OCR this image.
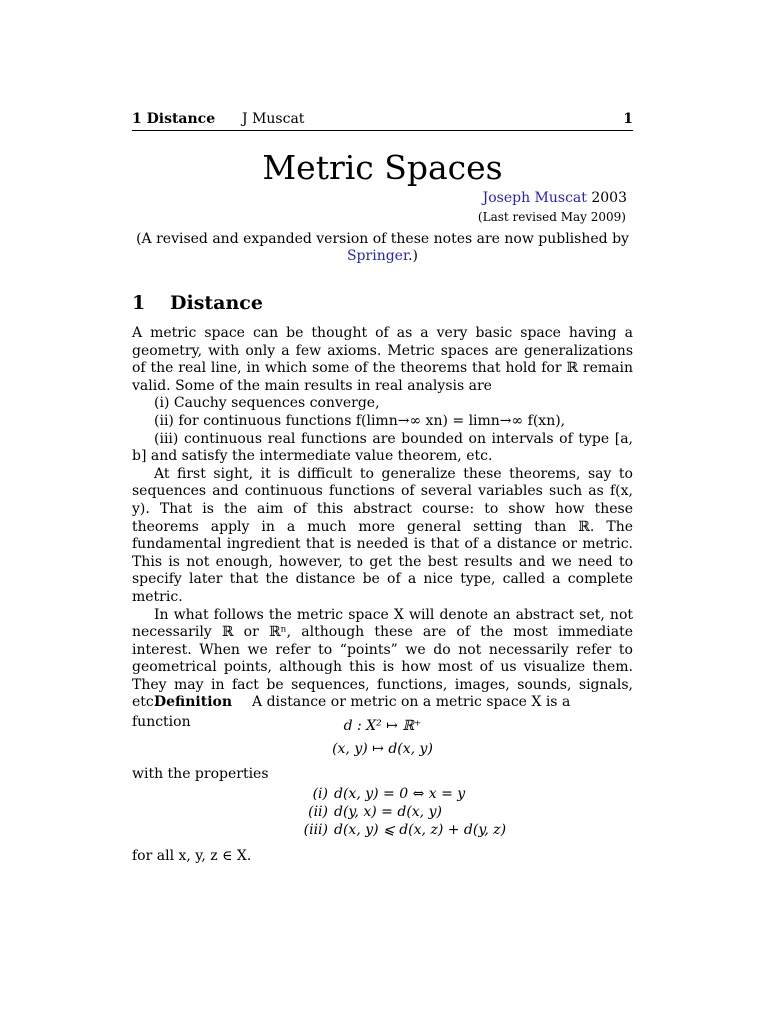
1 Distance J Muscat	1
Metric Spaces
Joseph Muscat 2003
(Last revised May 2009)
(A revised and expanded version of these notes are now published by
Springer.)
1 Distance

A metric space can be thought of as a very basic space having a geometry, with only a few axioms. Metric spaces are generalizations of the real line, in which some of the theorems that hold for ℝ remain valid. Some of the main results in real analysis are

(i) Cauchy sequences converge,

(ii) for continuous functions f(limn→∞ xn) = limn→∞ f(xn),

(iii) continuous real functions are bounded on intervals of type [a, b] and satisfy the intermediate value theorem, etc.

At first sight, it is difficult to generalize these theorems, say to sequences and continuous functions of several variables such as f(x, y). That is the aim of this abstract course: to show how these theorems apply in a much more general setting than ℝ. The fundamental ingredient that is needed is that of a distance or metric. This is not enough, however, to get the best results and we need to specify later that the distance be of a nice type, called a complete metric.

In what follows the metric space X will denote an abstract set, not necessarily ℝ or ℝⁿ, although these are of the most immediate interest. When we refer to “points” we do not necessarily refer to geometrical points, although this is how most of us visualize them. They may in fact be sequences, functions, images, sounds, signals, etc.

Definition A distance or metric on a metric space X is a function	d : X² ↦ ℝ⁺
(x, y) ↦ d(x, y)
with the properties
(i) d(x, y) = 0 ⇔ x = y
(ii) d(y, x) = d(x, y)
(iii) d(x, y) ⩽ d(x, z) + d(y, z)
for all x, y, z ∈ X.
